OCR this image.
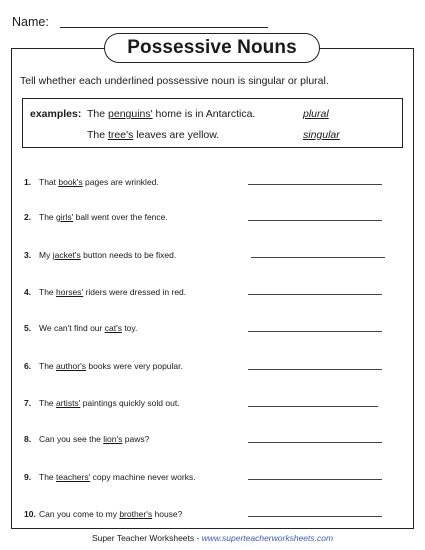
Name:
Possessive Nouns
Tell whether each underlined possessive noun is singular or plural.
examples: The penguins' home is in Antarctica.	plural
The tree's leaves are yellow.	singular
1. That book's pages are wrinkled.
2. The girls' ball went over the fence.
3. My jacket's button needs to be fixed.
4. The horses' riders were dressed in red.
5. We can't find our cat's toy.
6. The author's books were very popular.
7. The artists' paintings quickly sold out.
8. Can you see the lion's paws?
9. The teachers' copy machine never works.
10. Can you come to my brother's house?
Super Teacher Worksheets - www.superteacherworksheets.com
